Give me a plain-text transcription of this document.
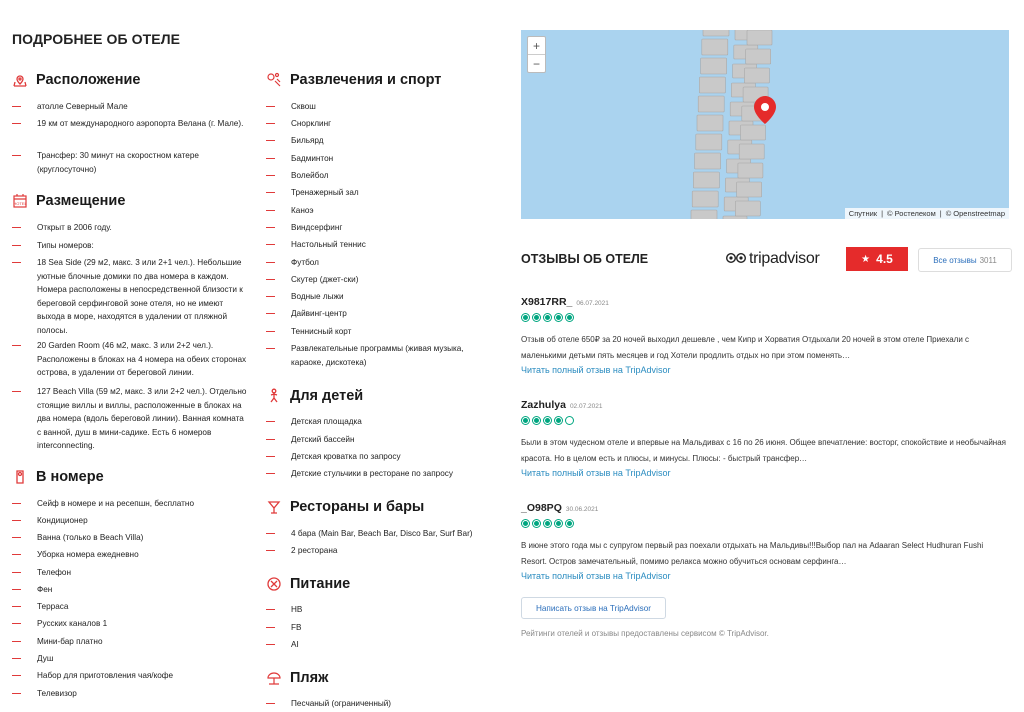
ПОДРОБНЕЕ ОБ ОТЕЛЕ
Расположение
атолле Северный Мале
19 км от международного аэропорта Велана (г. Мале).
Трансфер: 30 минут на скоростном катере (круглосуточно)
HOTEL Размещение
Открыт в 2006 году.
Типы номеров:
18 Sea Side (29 м2, макс. 3 или 2+1 чел.). Небольшие уютные блочные домики по два номера в каждом. Номера расположены в непосредственной близости к береговой серфинговой зоне отеля, но не имеют выхода в море, находятся в удалении от пляжной полосы.
20 Garden Room (46 м2, макс. 3 или 2+2 чел.). Расположены в блоках на 4 номера на обеих сторонах острова, в удалении от береговой линии.
127 Beach Villa (59 м2, макс. 3 или 2+2 чел.). Отдельно стоящие виллы и виллы, расположенные в блоках на два номера (вдоль береговой линии). Ванная комната с ванной, душ в мини-садике. Есть 6 номеров interconnecting.
В номере
Сейф в номере и на ресепшн, бесплатно
Кондиционер
Ванна (только в Beach Villa)
Уборка номера ежедневно
Телефон
Фен
Терраса
Русских каналов 1
Мини-бар платно
Душ
Набор для приготовления чая/кофе
Телевизор
Развлечения и спорт
Сквош
Снорклинг
Бильярд
Бадминтон
Волейбол
Тренажерный зал
Каноэ
Виндсерфинг
Настольный теннис
Футбол
Скутер (джет-ски)
Водные лыжи
Дайвинг-центр
Теннисный корт
Развлекательные программы (живая музыка, караоке, дискотека)
Для детей
Детская площадка
Детский бассейн
Детская кроватка по запросу
Детские стульчики в ресторане по запросу
Рестораны и бары
4 бара (Main Bar, Beach Bar, Disco Bar, Surf Bar)
2 ресторана
Питание
HB
FB
AI
Пляж
Песчаный (ограниченный)
+
−
Спутник | © Ростелеком | © Openstreetmap
ОТЗЫВЫ ОБ ОТЕЛЕ	tripadvisor	★ 4.5	Все отзывы 3011
X9817RR_ 06.07.2021
Отзыв об отеле 650₽ за 20 ночей выходил дешевле , чем Кипр и Хорватия Отдыхали 20 ночей в этом отеле Приехали с маленькими детьми пять месяцев и год Хотели продлить отдых но при этом поменять…
Читать полный отзыв на TripAdvisor
Zazhulya 02.07.2021
Были в этом чудесном отеле и впервые на Мальдивах с 16 по 26 июня. Общее впечатление: восторг, спокойствие и необычайная красота. Но в целом есть и плюсы, и минусы. Плюсы: - быстрый трансфер…
Читать полный отзыв на TripAdvisor
_O98PQ 30.06.2021
В июне этого года мы с супругом первый раз поехали отдыхать на Мальдивы!!!Выбор пал на Adaaran Select Hudhuran Fushi Resort. Остров замечательный, помимо релакса можно обучиться основам серфинга…
Читать полный отзыв на TripAdvisor
Написать отзыв на TripAdvisor
Рейтинги отелей и отзывы предоставлены сервисом © TripAdvisor.
